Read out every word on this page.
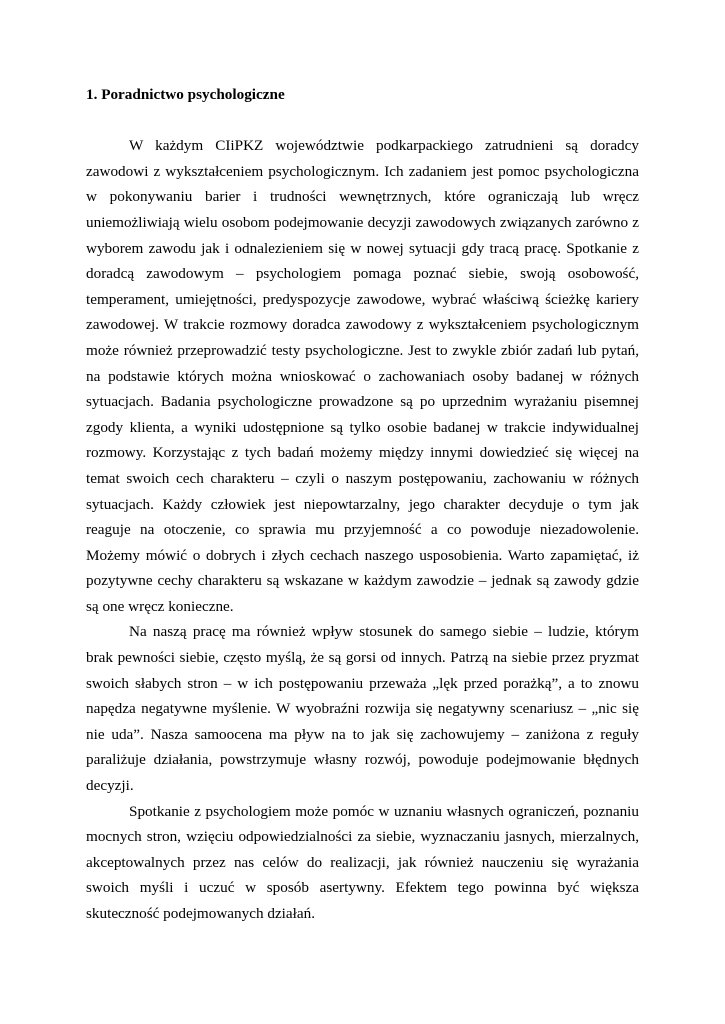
1. Poradnictwo psychologiczne

W każdym CIiPKZ województwie podkarpackiego zatrudnieni są doradcy zawodowi z wykształceniem psychologicznym. Ich zadaniem jest pomoc psychologiczna w pokonywaniu barier i trudności wewnętrznych, które ograniczają lub wręcz uniemożliwiają wielu osobom podejmowanie decyzji zawodowych związanych zarówno z wyborem zawodu jak i odnalezieniem się w nowej sytuacji gdy tracą pracę. Spotkanie z doradcą zawodowym – psychologiem pomaga poznać siebie, swoją osobowość, temperament, umiejętności, predyspozycje zawodowe, wybrać właściwą ścieżkę kariery zawodowej. W trakcie rozmowy doradca zawodowy z wykształceniem psychologicznym może również przeprowadzić testy psychologiczne. Jest to zwykle zbiór zadań lub pytań, na podstawie których można wnioskować o zachowaniach osoby badanej w różnych sytuacjach. Badania psychologiczne prowadzone są po uprzednim wyrażaniu pisemnej zgody klienta, a wyniki udostępnione są tylko osobie badanej w trakcie indywidualnej rozmowy. Korzystając z tych badań możemy między innymi dowiedzieć się więcej na temat swoich cech charakteru – czyli o naszym postępowaniu, zachowaniu w różnych sytuacjach. Każdy człowiek jest niepowtarzalny, jego charakter decyduje o tym jak reaguje na otoczenie, co sprawia mu przyjemność a co powoduje niezadowolenie. Możemy mówić o dobrych i złych cechach naszego usposobienia. Warto zapamiętać, iż pozytywne cechy charakteru są wskazane w każdym zawodzie – jednak są zawody gdzie są one wręcz konieczne.

Na naszą pracę ma również wpływ stosunek do samego siebie – ludzie, którym brak pewności siebie, często myślą, że są gorsi od innych. Patrzą na siebie przez pryzmat swoich słabych stron – w ich postępowaniu przeważa „lęk przed porażką”, a to znowu napędza negatywne myślenie. W wyobraźni rozwija się negatywny scenariusz – „nic się nie uda”. Nasza samoocena ma pływ na to jak się zachowujemy – zaniżona z reguły paraliżuje działania, powstrzymuje własny rozwój, powoduje podejmowanie błędnych decyzji.

Spotkanie z psychologiem może pomóc w uznaniu własnych ograniczeń, poznaniu mocnych stron, wzięciu odpowiedzialności za siebie, wyznaczaniu jasnych, mierzalnych, akceptowalnych przez nas celów do realizacji, jak również nauczeniu się wyrażania swoich myśli i uczuć w sposób asertywny. Efektem tego powinna być większa skuteczność podejmowanych działań.
